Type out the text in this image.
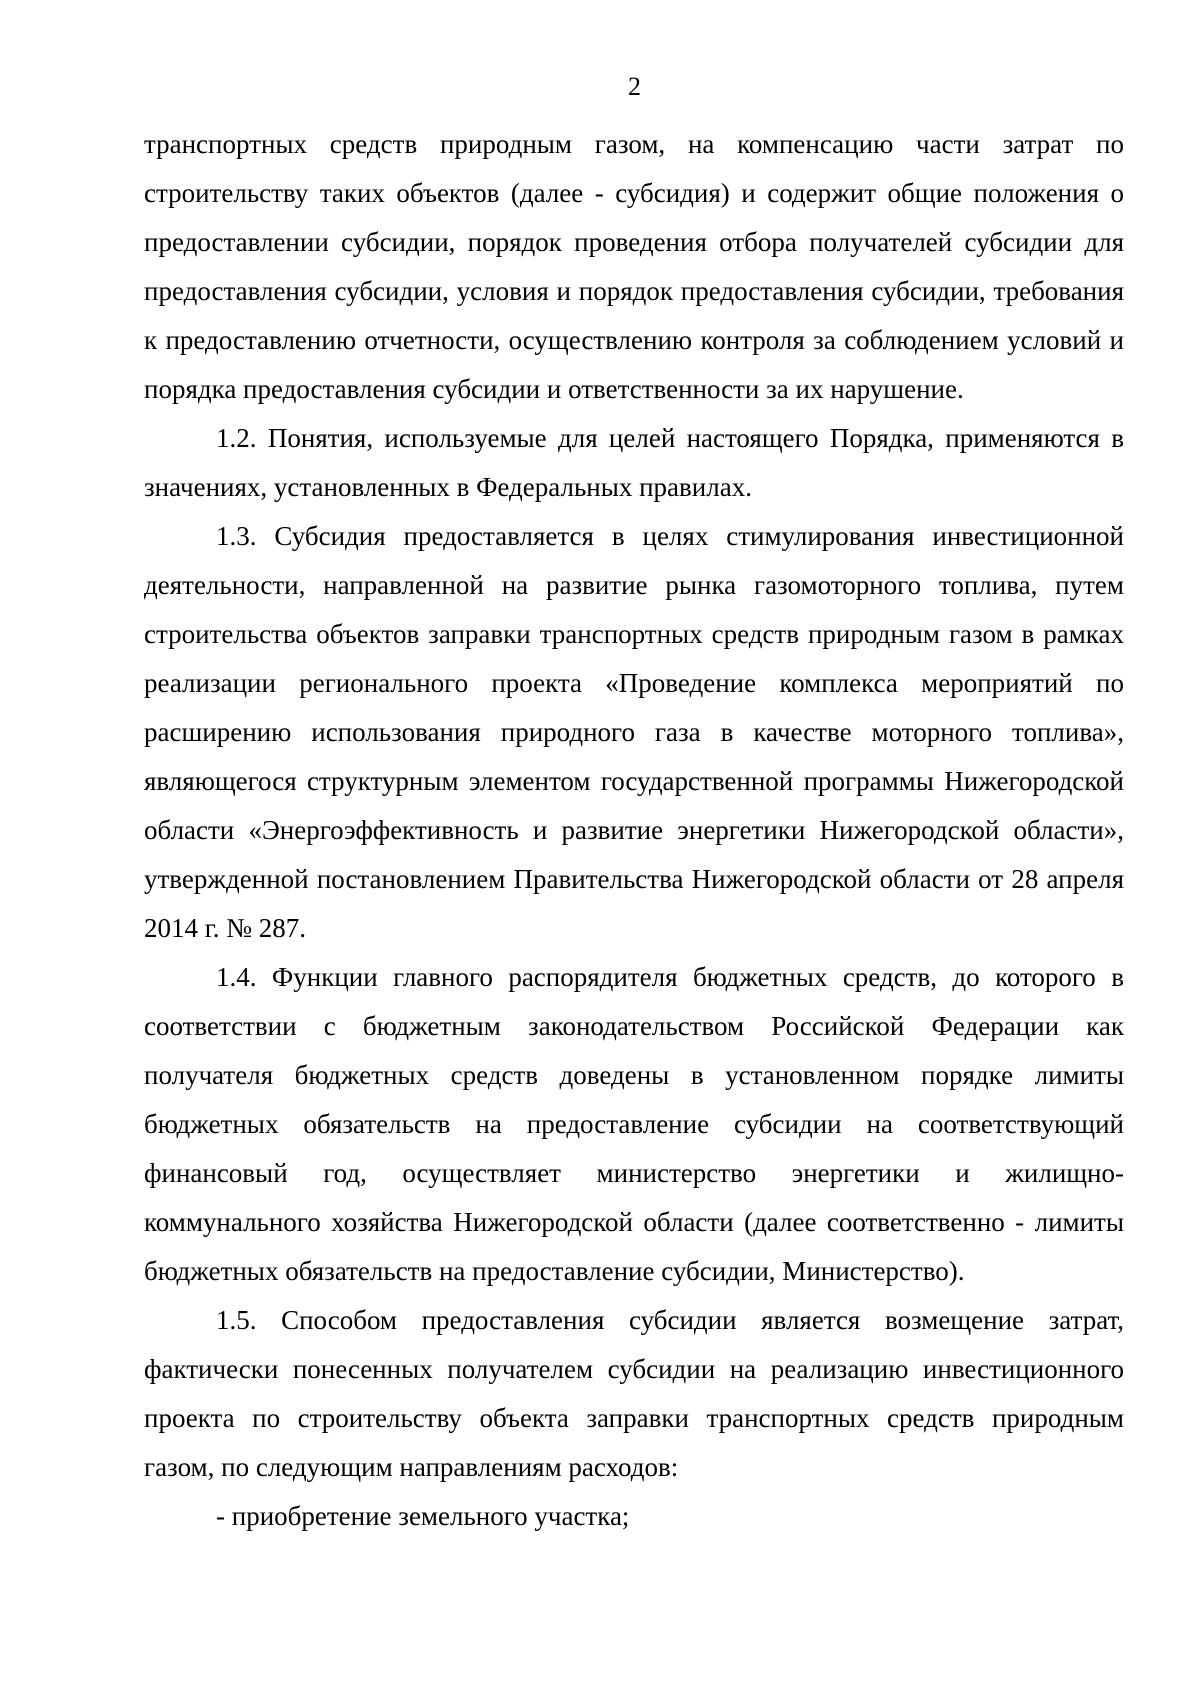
2

транспортных средств природным газом, на компенсацию части затрат по строительству таких объектов (далее - субсидия) и содержит общие положения о предоставлении субсидии, порядок проведения отбора получателей субсидии для предоставления субсидии, условия и порядок предоставления субсидии, требования к предоставлению отчетности, осуществлению контроля за соблюдением условий и порядка предоставления субсидии и ответственности за их нарушение.

1.2. Понятия, используемые для целей настоящего Порядка, применяются в значениях, установленных в Федеральных правилах.

1.3. Субсидия предоставляется в целях стимулирования инвестиционной деятельности, направленной на развитие рынка газомоторного топлива, путем строительства объектов заправки транспортных средств природным газом в рамках реализации регионального проекта «Проведение комплекса мероприятий по расширению использования природного газа в качестве моторного топлива», являющегося структурным элементом государственной программы Нижегородской области «Энергоэффективность и развитие энергетики Нижегородской области», утвержденной постановлением Правительства Нижегородской области от 28 апреля 2014 г. № 287.

1.4. Функции главного распорядителя бюджетных средств, до которого в соответствии с бюджетным законодательством Российской Федерации как получателя бюджетных средств доведены в установленном порядке лимиты бюджетных обязательств на предоставление субсидии на соответствующий финансовый год, осуществляет министерство энергетики и жилищно-коммунального хозяйства Нижегородской области (далее соответственно - лимиты бюджетных обязательств на предоставление субсидии, Министерство).

1.5. Способом предоставления субсидии является возмещение затрат, фактически понесенных получателем субсидии на реализацию инвестиционного проекта по строительству объекта заправки транспортных средств природным газом, по следующим направлениям расходов:

- приобретение земельного участка;
